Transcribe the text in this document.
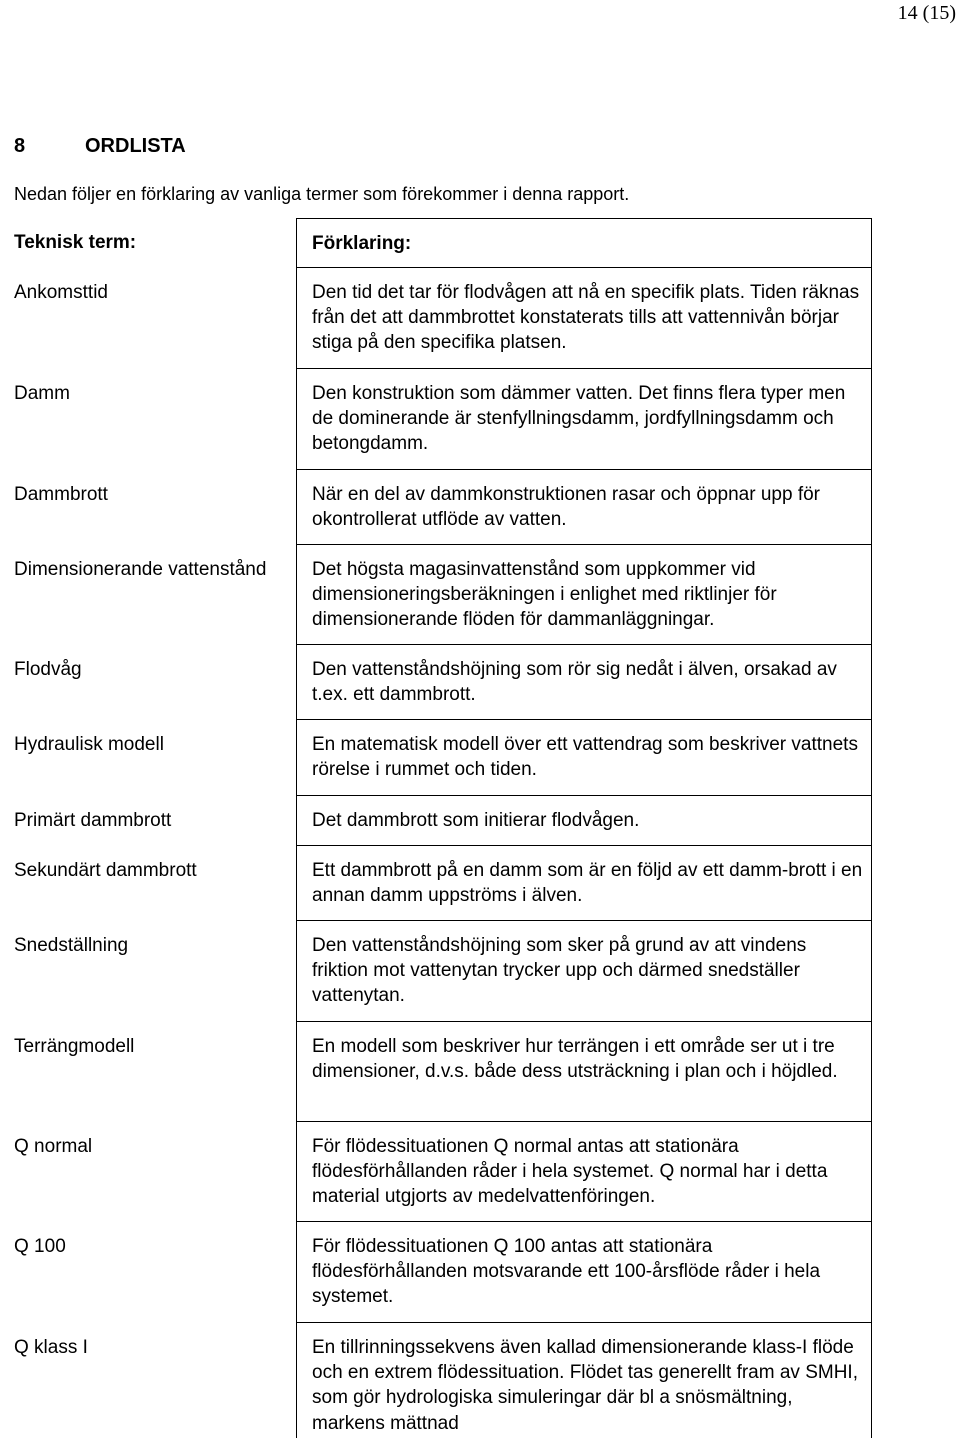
14 (15)
8	ORDLISTA
Nedan följer en förklaring av vanliga termer som förekommer i denna rapport.
Teknisk term:	Förklaring:
Ankomsttid	Den tid det tar för flodvågen att nå en specifik plats. Tiden räknas från det att dammbrottet konstaterats tills att vattennivån börjar stiga på den specifika platsen.
Damm	Den konstruktion som dämmer vatten. Det finns flera typer men de dominerande är stenfyllningsdamm, jordfyllningsdamm och betongdamm.
Dammbrott	När en del av dammkonstruktionen rasar och öppnar upp för okontrollerat utflöde av vatten.
Dimensionerande vattenstånd	Det högsta magasinvattenstånd som uppkommer vid dimensioneringsberäkningen i enlighet med riktlinjer för dimensionerande flöden för dammanläggningar.
Flodvåg	Den vattenståndshöjning som rör sig nedåt i älven, orsakad av t.ex. ett dammbrott.
Hydraulisk modell	En matematisk modell över ett vattendrag som beskriver vattnets rörelse i rummet och tiden.
Primärt dammbrott	Det dammbrott som initierar flodvågen.
Sekundärt dammbrott	Ett dammbrott på en damm som är en följd av ett damm-brott i en annan damm uppströms i älven.
Snedställning	Den vattenståndshöjning som sker på grund av att vindens friktion mot vattenytan trycker upp och därmed snedställer vattenytan.
Terrängmodell	En modell som beskriver hur terrängen i ett område ser ut i tre dimensioner, d.v.s. både dess utsträckning i plan och i höjdled.
Q normal	För flödessituationen Q normal antas att stationära flödesförhållanden råder i hela systemet. Q normal har i detta material utgjorts av medelvattenföringen.
Q 100	För flödessituationen Q 100 antas att stationära flödesförhållanden motsvarande ett 100-årsflöde råder i hela systemet.
Q klass I	En tillrinningssekvens även kallad dimensionerande klass-I flöde och en extrem flödessituation. Flödet tas generellt fram av SMHI, som gör hydrologiska simuleringar där bl a snösmältning, markens mättnad
